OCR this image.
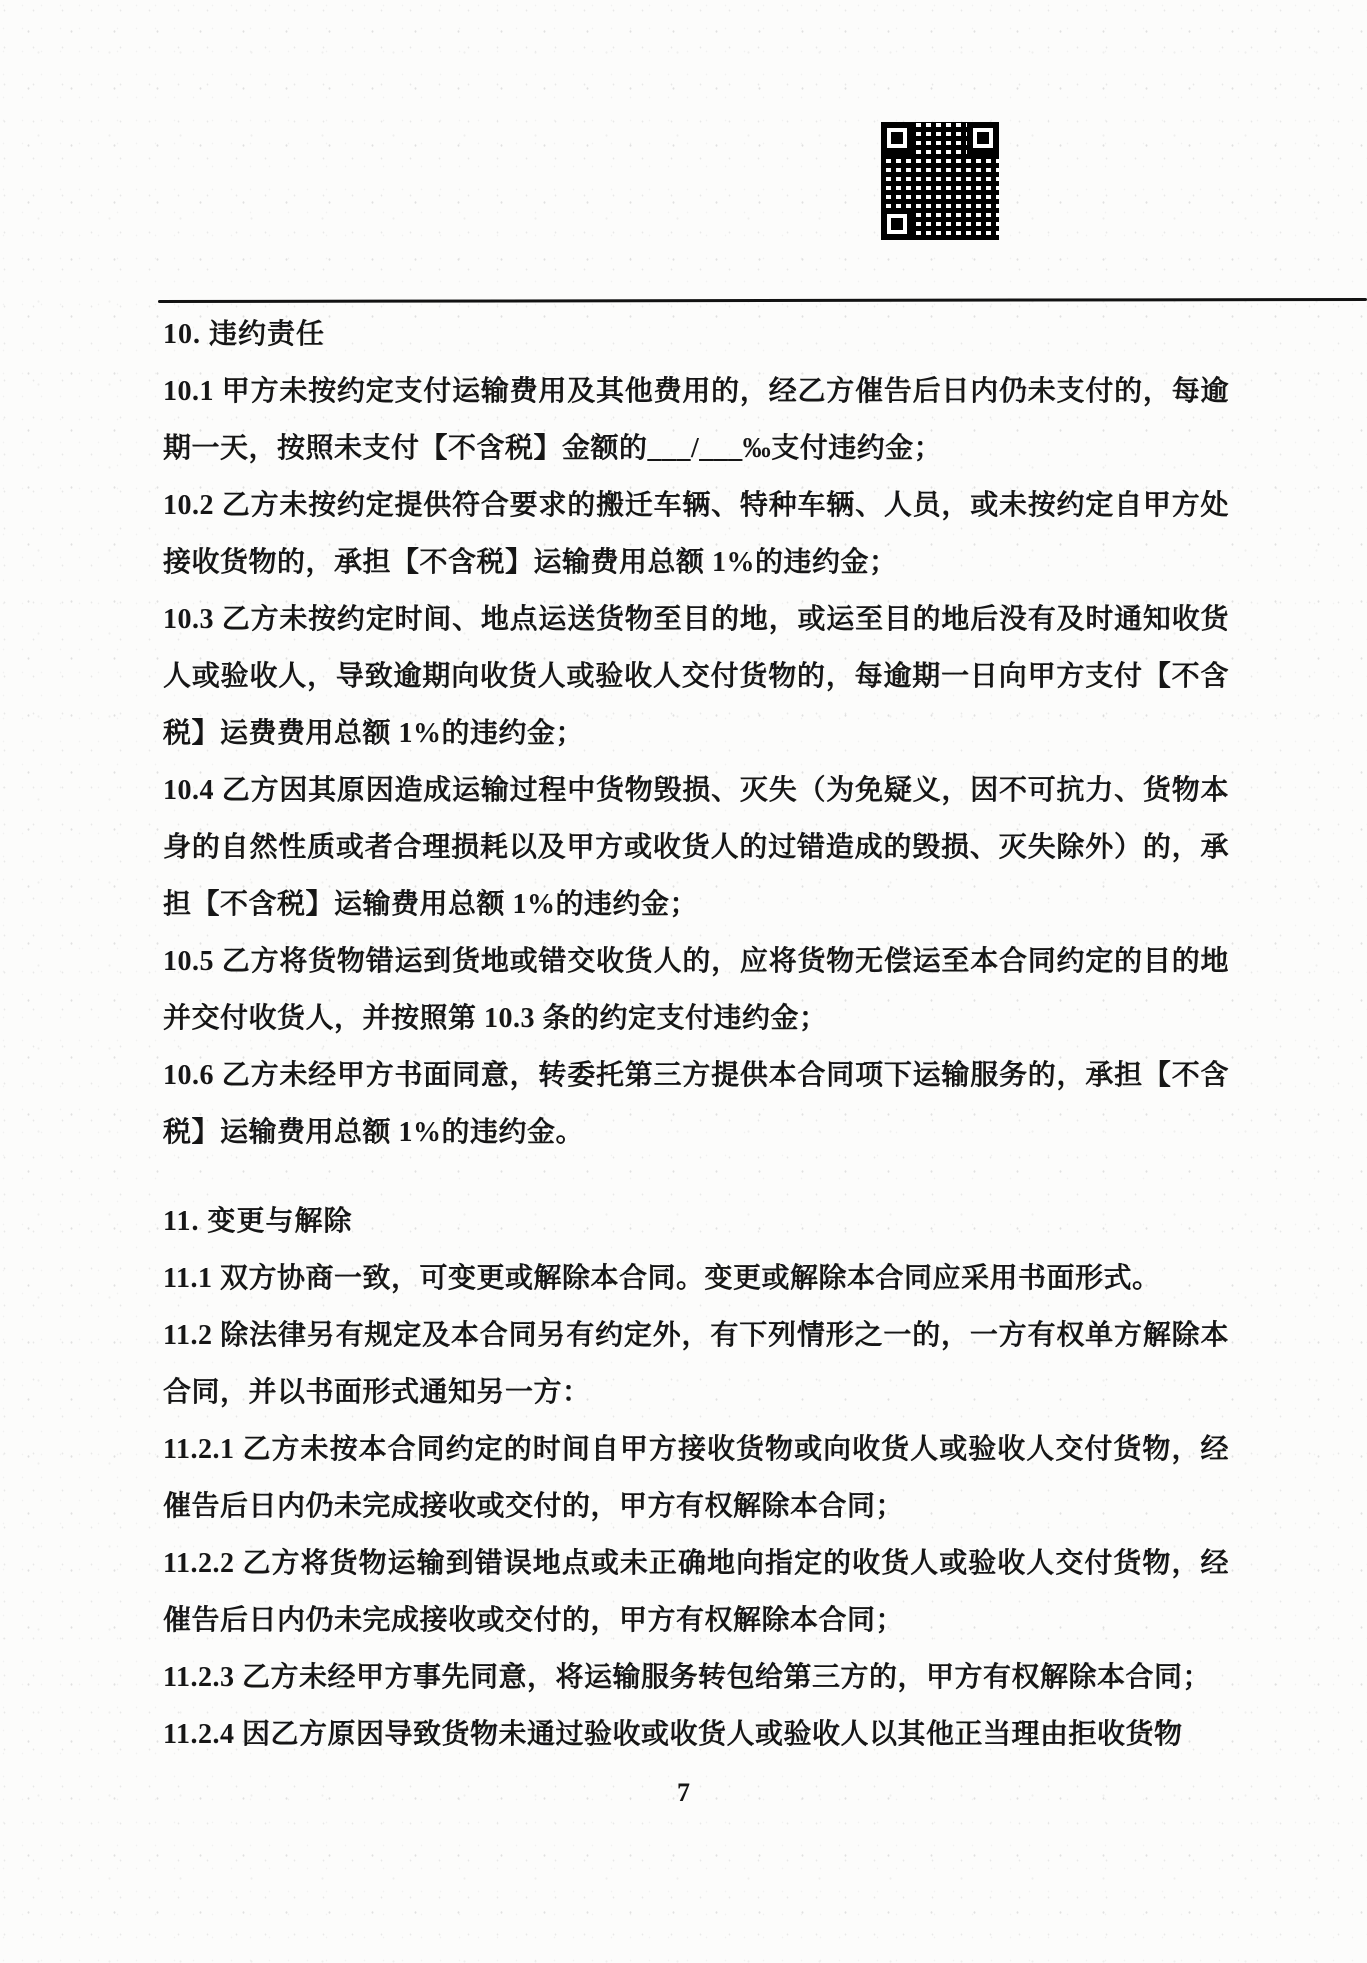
10. 违约责任

10.1 甲方未按约定支付运输费用及其他费用的，经乙方催告后日内仍未支付的，每逾期一天，按照未支付【不含税】金额的___/___‰支付违约金；

10.2 乙方未按约定提供符合要求的搬迁车辆、特种车辆、人员，或未按约定自甲方处接收货物的，承担【不含税】运输费用总额 1%的违约金；

10.3 乙方未按约定时间、地点运送货物至目的地，或运至目的地后没有及时通知收货人或验收人，导致逾期向收货人或验收人交付货物的，每逾期一日向甲方支付【不含税】运费费用总额 1%的违约金；

10.4 乙方因其原因造成运输过程中货物毁损、灭失（为免疑义，因不可抗力、货物本身的自然性质或者合理损耗以及甲方或收货人的过错造成的毁损、灭失除外）的，承担【不含税】运输费用总额 1%的违约金；

10.5 乙方将货物错运到货地或错交收货人的，应将货物无偿运至本合同约定的目的地并交付收货人，并按照第 10.3 条的约定支付违约金；

10.6 乙方未经甲方书面同意，转委托第三方提供本合同项下运输服务的，承担【不含税】运输费用总额 1%的违约金。

11. 变更与解除

11.1 双方协商一致，可变更或解除本合同。变更或解除本合同应采用书面形式。

11.2 除法律另有规定及本合同另有约定外，有下列情形之一的，一方有权单方解除本合同，并以书面形式通知另一方：

11.2.1 乙方未按本合同约定的时间自甲方接收货物或向收货人或验收人交付货物，经催告后日内仍未完成接收或交付的，甲方有权解除本合同；

11.2.2 乙方将货物运输到错误地点或未正确地向指定的收货人或验收人交付货物，经催告后日内仍未完成接收或交付的，甲方有权解除本合同；

11.2.3 乙方未经甲方事先同意，将运输服务转包给第三方的，甲方有权解除本合同；

11.2.4 因乙方原因导致货物未通过验收或收货人或验收人以其他正当理由拒收货物

7
